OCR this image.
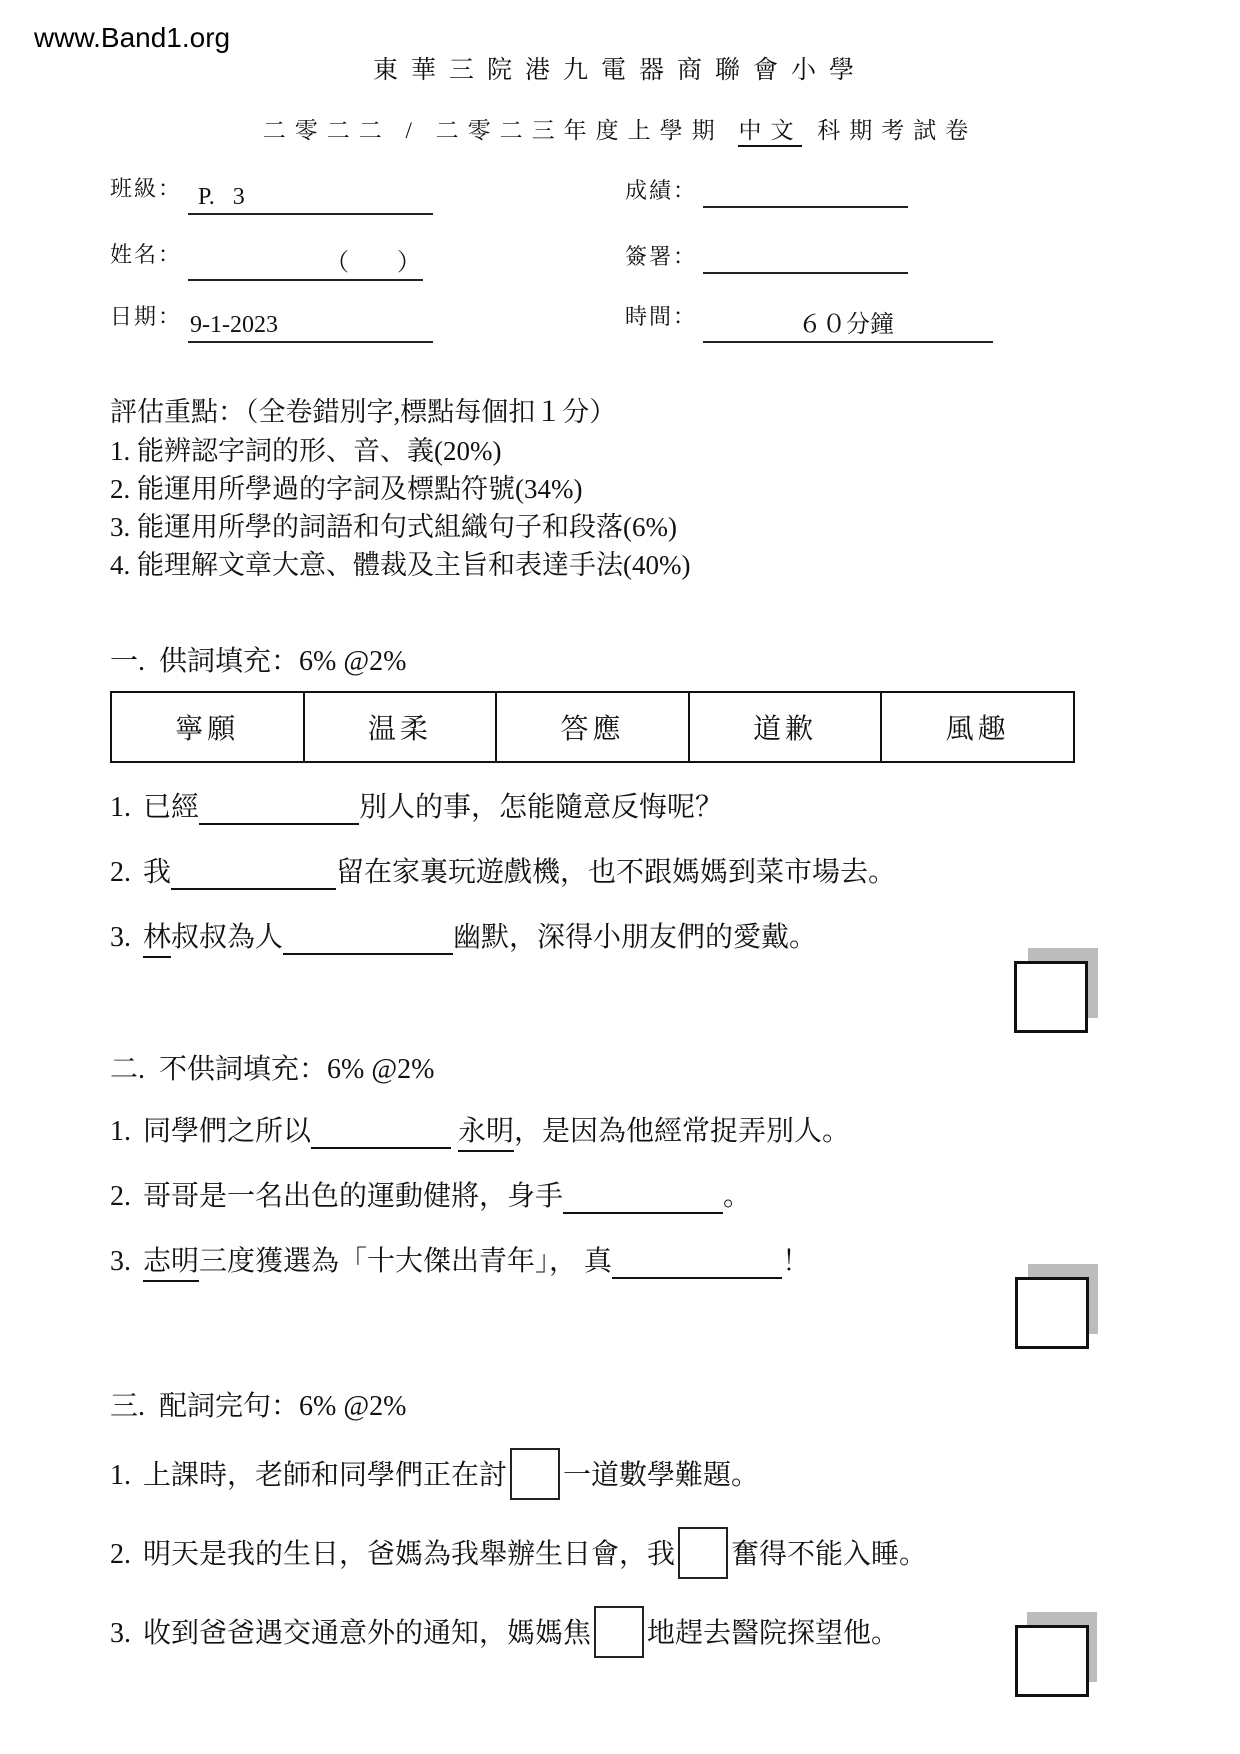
www.Band1.org
東華三院港九電器商聯會小學
二零二二 / 二零二三年度上學期 中文 科期考試卷
班級： P.   3	成績：
姓名：	（　　）	簽署：
日期： 9-1-2023	時間：	６０分鐘
評估重點：（全卷錯別字,標點每個扣１分）
1. 能辨認字詞的形、音、義(20%)
2. 能運用所學過的字詞及標點符號(34%)
3. 能運用所學的詞語和句式組織句子和段落(6%)
4. 能理解文章大意、體裁及主旨和表達手法(40%)
一.  供詞填充：6% @2%
寧願	温柔	答應	道歉	風趣
1. 已經	別人的事，怎能隨意反悔呢？
2. 我	留在家裏玩遊戲機，也不跟媽媽到菜市場去。
3. 林叔叔為人	幽默，深得小朋友們的愛戴。
二.  不供詞填充：6% @2%
1. 同學們之所以	永明，是因為他經常捉弄別人。
2. 哥哥是一名出色的運動健將，身手	。
3. 志明三度獲選為「十大傑出青年」， 真	！
三.  配詞完句：6% @2%
1. 上課時，老師和同學們正在討 一道數學難題。
2. 明天是我的生日，爸媽為我舉辦生日會，我 奮得不能入睡。
3. 收到爸爸遇交通意外的通知，媽媽焦 地趕去醫院探望他。
